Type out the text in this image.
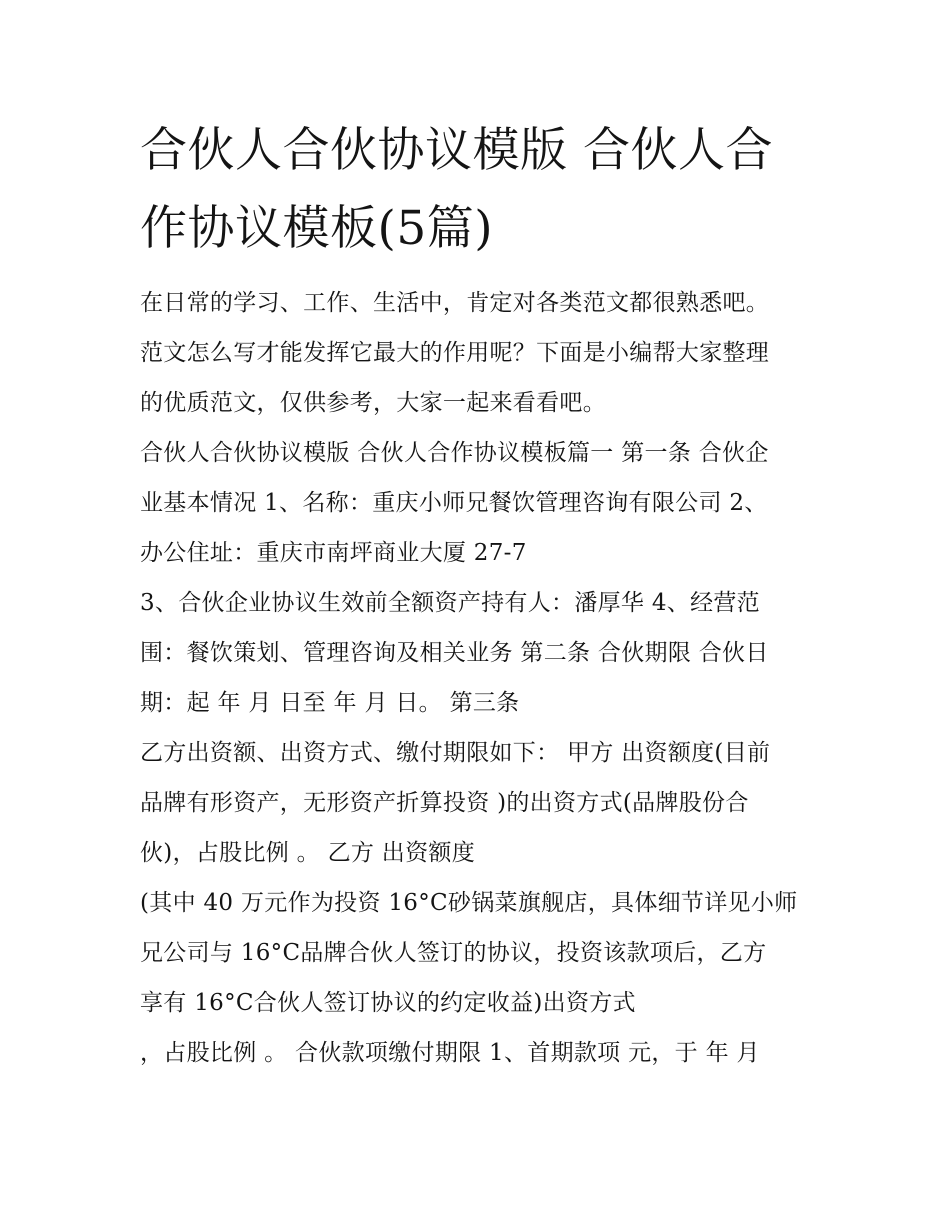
合伙人合伙协议模版 合伙人合
作协议模板(5篇)
在日常的学习、工作、生活中，肯定对各类范文都很熟悉吧。
范文怎么写才能发挥它最大的作用呢？下面是小编帮大家整理
的优质范文，仅供参考，大家一起来看看吧。
合伙人合伙协议模版 合伙人合作协议模板篇一 第一条 合伙企
业基本情况 1、名称：重庆小师兄餐饮管理咨询有限公司 2、
办公住址：重庆市南坪商业大厦 27-7
3、合伙企业协议生效前全额资产持有人：潘厚华 4、经营范
围：餐饮策划、管理咨询及相关业务 第二条 合伙期限 合伙日
期：起 年 月 日至 年 月 日。 第三条
乙方出资额、出资方式、缴付期限如下： 甲方 出资额度(目前
品牌有形资产，无形资产折算投资 )的出资方式(品牌股份合
伙)，占股比例 。 乙方 出资额度
(其中 40 万元作为投资 16°C砂锅菜旗舰店，具体细节详见小师
兄公司与 16°C品牌合伙人签订的协议，投资该款项后，乙方
享有 16°C合伙人签订协议的约定收益)出资方式
，占股比例 。 合伙款项缴付期限 1、首期款项 元，于 年 月
